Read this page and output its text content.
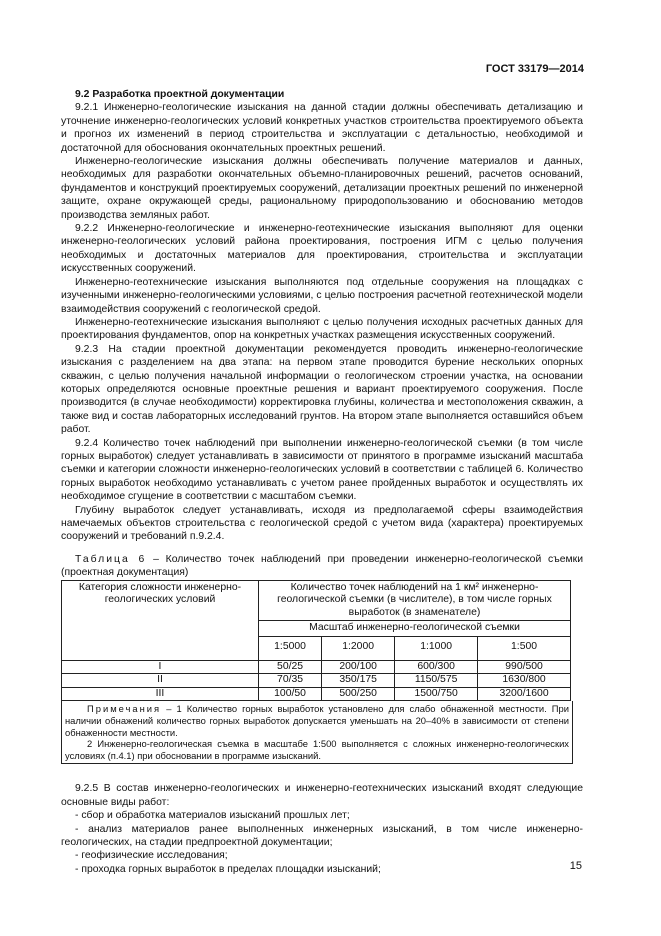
ГОСТ 33179—2014
9.2 Разработка проектной документации

9.2.1 Инженерно-геологические изыскания на данной стадии должны обеспечивать детализацию и уточнение инженерно-геологических условий конкретных участков строительства проектируемого объекта и прогноз их изменений в период строительства и эксплуатации с детальностью, необходимой и достаточной для обоснования окончательных проектных решений.

Инженерно-геологические изыскания должны обеспечивать получение материалов и данных, необходимых для разработки окончательных объемно-планировочных решений, расчетов оснований, фундаментов и конструкций проектируемых сооружений, детализации проектных решений по инженерной защите, охране окружающей среды, рациональному природопользованию и обоснованию методов производства земляных работ.

9.2.2 Инженерно-геологические и инженерно-геотехнические изыскания выполняют для оценки инженерно-геологических условий района проектирования, построения ИГМ с целью получения необходимых и достаточных материалов для проектирования, строительства и эксплуатации искусственных сооружений.

Инженерно-геотехнические изыскания выполняются под отдельные сооружения на площадках с изученными инженерно-геологическими условиями, с целью построения расчетной геотехнической модели взаимодействия сооружений с геологической средой.

Инженерно-геотехнические изыскания выполняют с целью получения исходных расчетных данных для проектирования фундаментов, опор на конкретных участках размещения искусственных сооружений.

9.2.3 На стадии проектной документации рекомендуется проводить инженерно-геологические изыскания с разделением на два этапа: на первом этапе проводится бурение нескольких опорных скважин, с целью получения начальной информации о геологическом строении участка, на основании которых определяются основные проектные решения и вариант проектируемого сооружения. После производится (в случае необходимости) корректировка глубины, количества и местоположения скважин, а также вид и состав лабораторных исследований грунтов. На втором этапе выполняется оставшийся объем работ.

9.2.4 Количество точек наблюдений при выполнении инженерно-геологической съемки (в том числе горных выработок) следует устанавливать в зависимости от принятого в программе изысканий масштаба съемки и категории сложности инженерно-геологических условий в соответствии с таблицей 6. Количество горных выработок необходимо устанавливать с учетом ранее пройденных выработок и осуществлять их необходимое сгущение в соответствии с масштабом съемки.

Глубину выработок следует устанавливать, исходя из предполагаемой сферы взаимодействия намечаемых объектов строительства с геологической средой с учетом вида (характера) проектируемых сооружений и требований п.9.2.4.

Таблица 6 – Количество точек наблюдений при проведении инженерно-геологической съемки (проектная документация)
Категория сложности инженерно-геологических условий	Количество точек наблюдений на 1 км² инженерно-геологической съемки (в числителе), в том числе горных выработок (в знаменателе)			
	Масштаб инженерно-геологической съемки			
	1:5000	1:2000	1:1000	1:500
I	50/25	200/100	600/300	990/500
II	70/35	350/175	1150/575	1630/800
III	100/50	500/250	1500/750	3200/1600

Примечания – 1 Количество горных выработок установлено для слабо обнаженной местности. При наличии обнажений количество горных выработок допускается уменьшать на 20–40% в зависимости от степени обнаженности местности.

2 Инженерно-геологическая съемка в масштабе 1:500 выполняется с сложных инженерно-геологических условиях (п.4.1) при обосновании в программе изысканий.

9.2.5 В состав инженерно-геологических и инженерно-геотехнических изысканий входят следующие основные виды работ:

- сбор и обработка материалов изысканий прошлых лет;

- анализ материалов ранее выполненных инженерных изысканий, в том числе инженерно-геологических, на стадии предпроектной документации;

- геофизические исследования;

- проходка горных выработок в пределах площадки изысканий;	15
